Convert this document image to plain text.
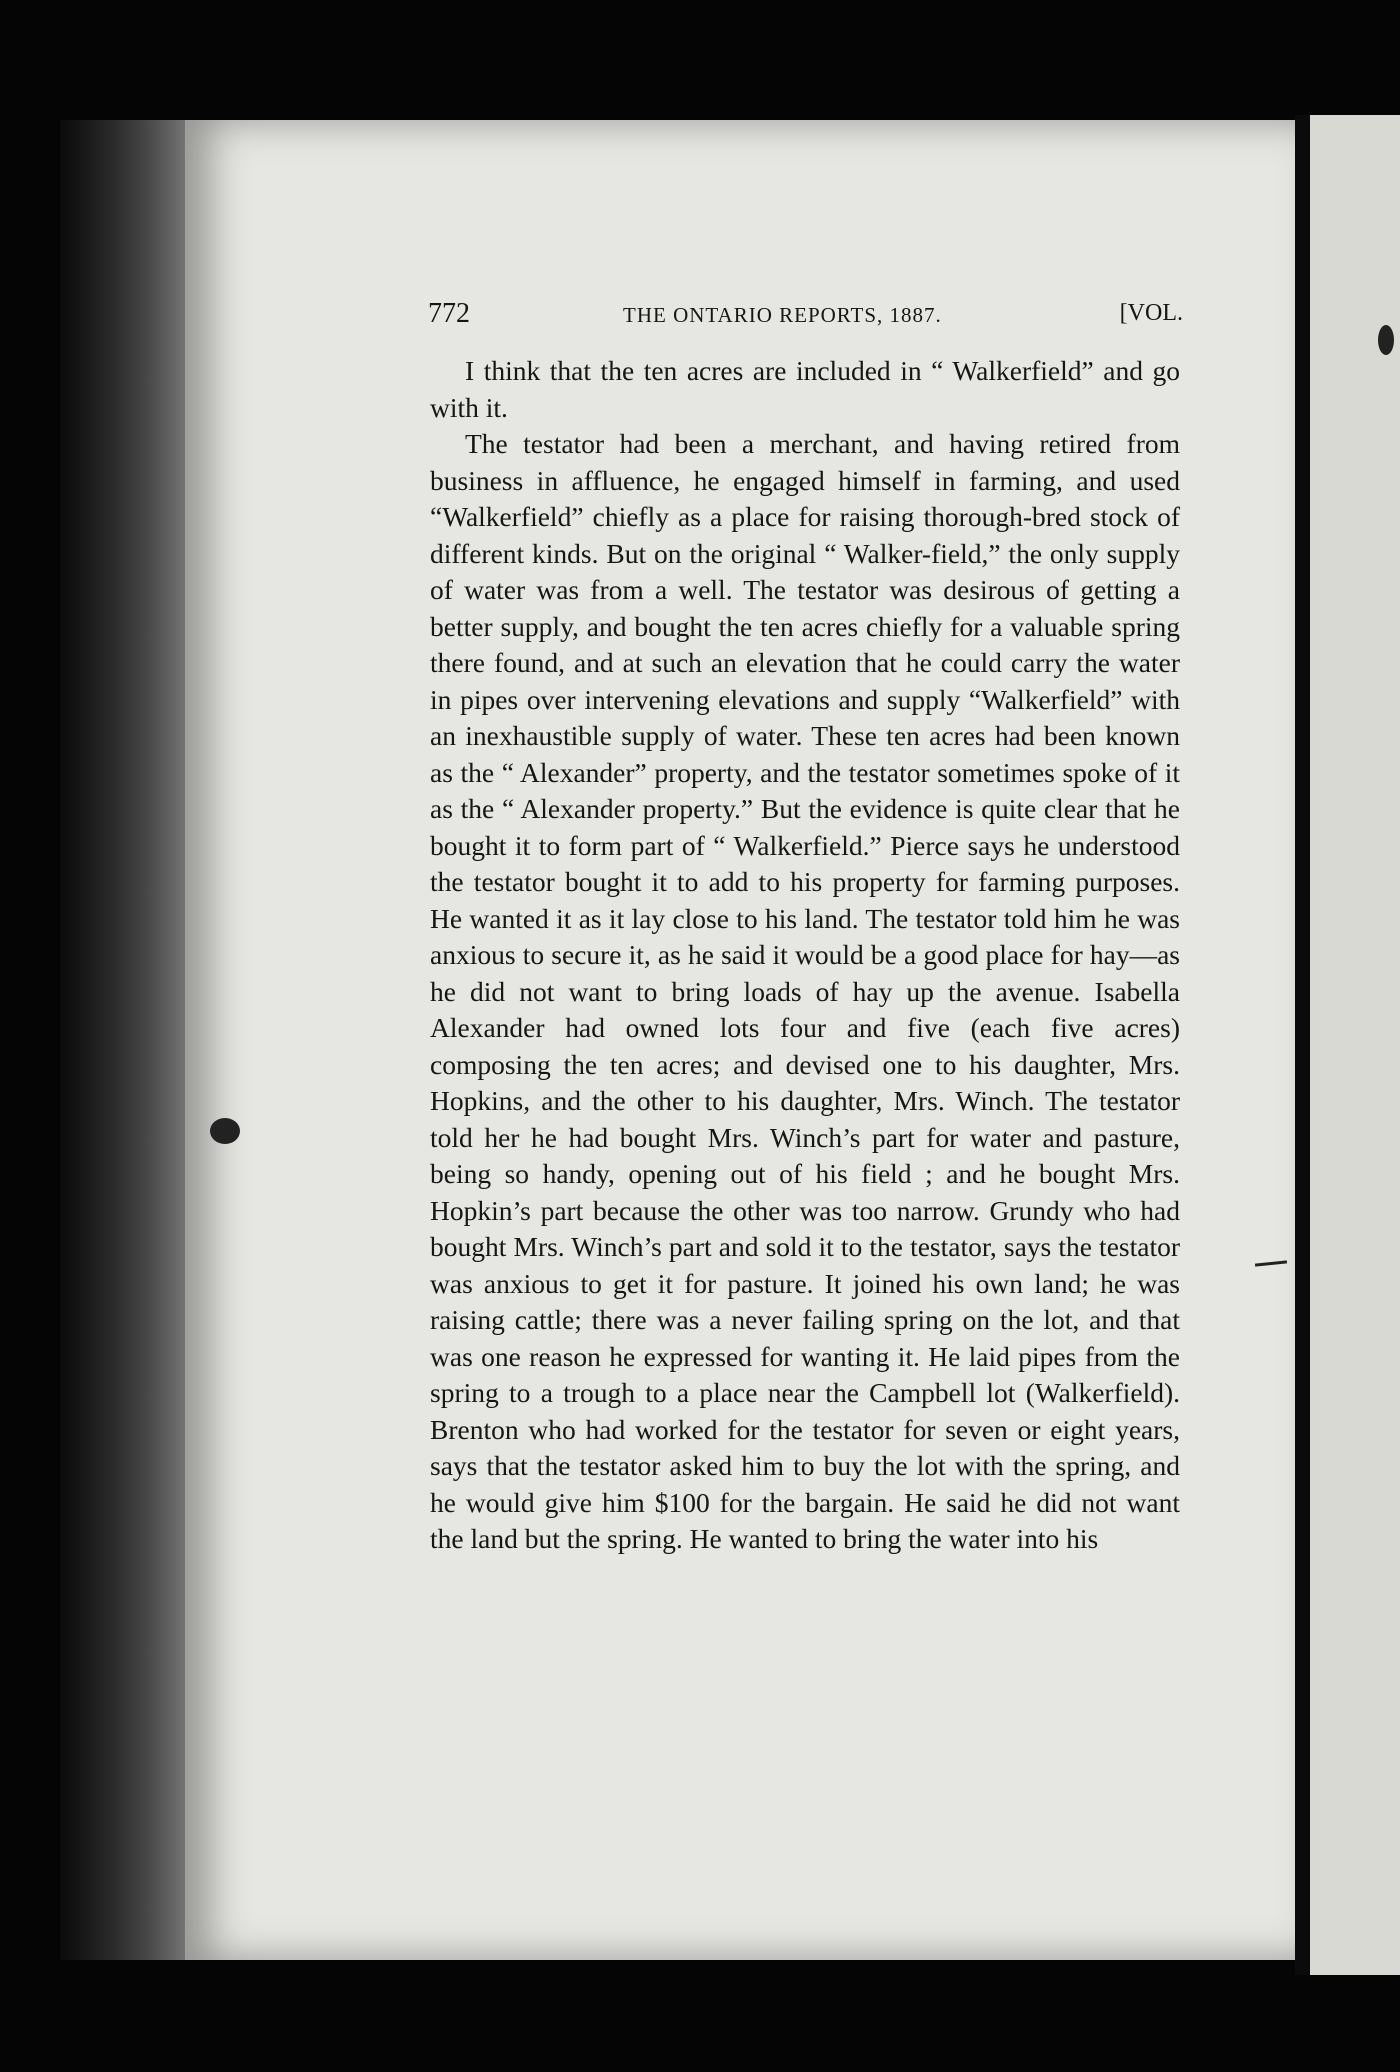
772	THE ONTARIO REPORTS, 1887.	[VOL.

I think that the ten acres are included in “ Walkerfield” and go with it.

The testator had been a merchant, and having retired from business in affluence, he engaged himself in farming, and used “Walkerfield” chiefly as a place for raising thorough-bred stock of different kinds. But on the original “ Walker-field,” the only supply of water was from a well. The testator was desirous of getting a better supply, and bought the ten acres chiefly for a valuable spring there found, and at such an elevation that he could carry the water in pipes over intervening elevations and supply “Walkerfield” with an inexhaustible supply of water. These ten acres had been known as the “ Alexander” property, and the testator sometimes spoke of it as the “ Alexander property.” But the evidence is quite clear that he bought it to form part of “ Walkerfield.” Pierce says he understood the testator bought it to add to his property for farming purposes. He wanted it as it lay close to his land. The testator told him he was anxious to secure it, as he said it would be a good place for hay—as he did not want to bring loads of hay up the avenue. Isabella Alexander had owned lots four and five (each five acres) composing the ten acres; and devised one to his daughter, Mrs. Hopkins, and the other to his daughter, Mrs. Winch. The testator told her he had bought Mrs. Winch’s part for water and pasture, being so handy, opening out of his field ; and he bought Mrs. Hopkin’s part because the other was too narrow. Grundy who had bought Mrs. Winch’s part and sold it to the testator, says the testator was anxious to get it for pasture. It joined his own land; he was raising cattle; there was a never failing spring on the lot, and that was one reason he expressed for wanting it. He laid pipes from the spring to a trough to a place near the Campbell lot (Walkerfield). Brenton who had worked for the testator for seven or eight years, says that the testator asked him to buy the lot with the spring, and he would give him $100 for the bargain. He said he did not want the land but the spring. He wanted to bring the water into his
